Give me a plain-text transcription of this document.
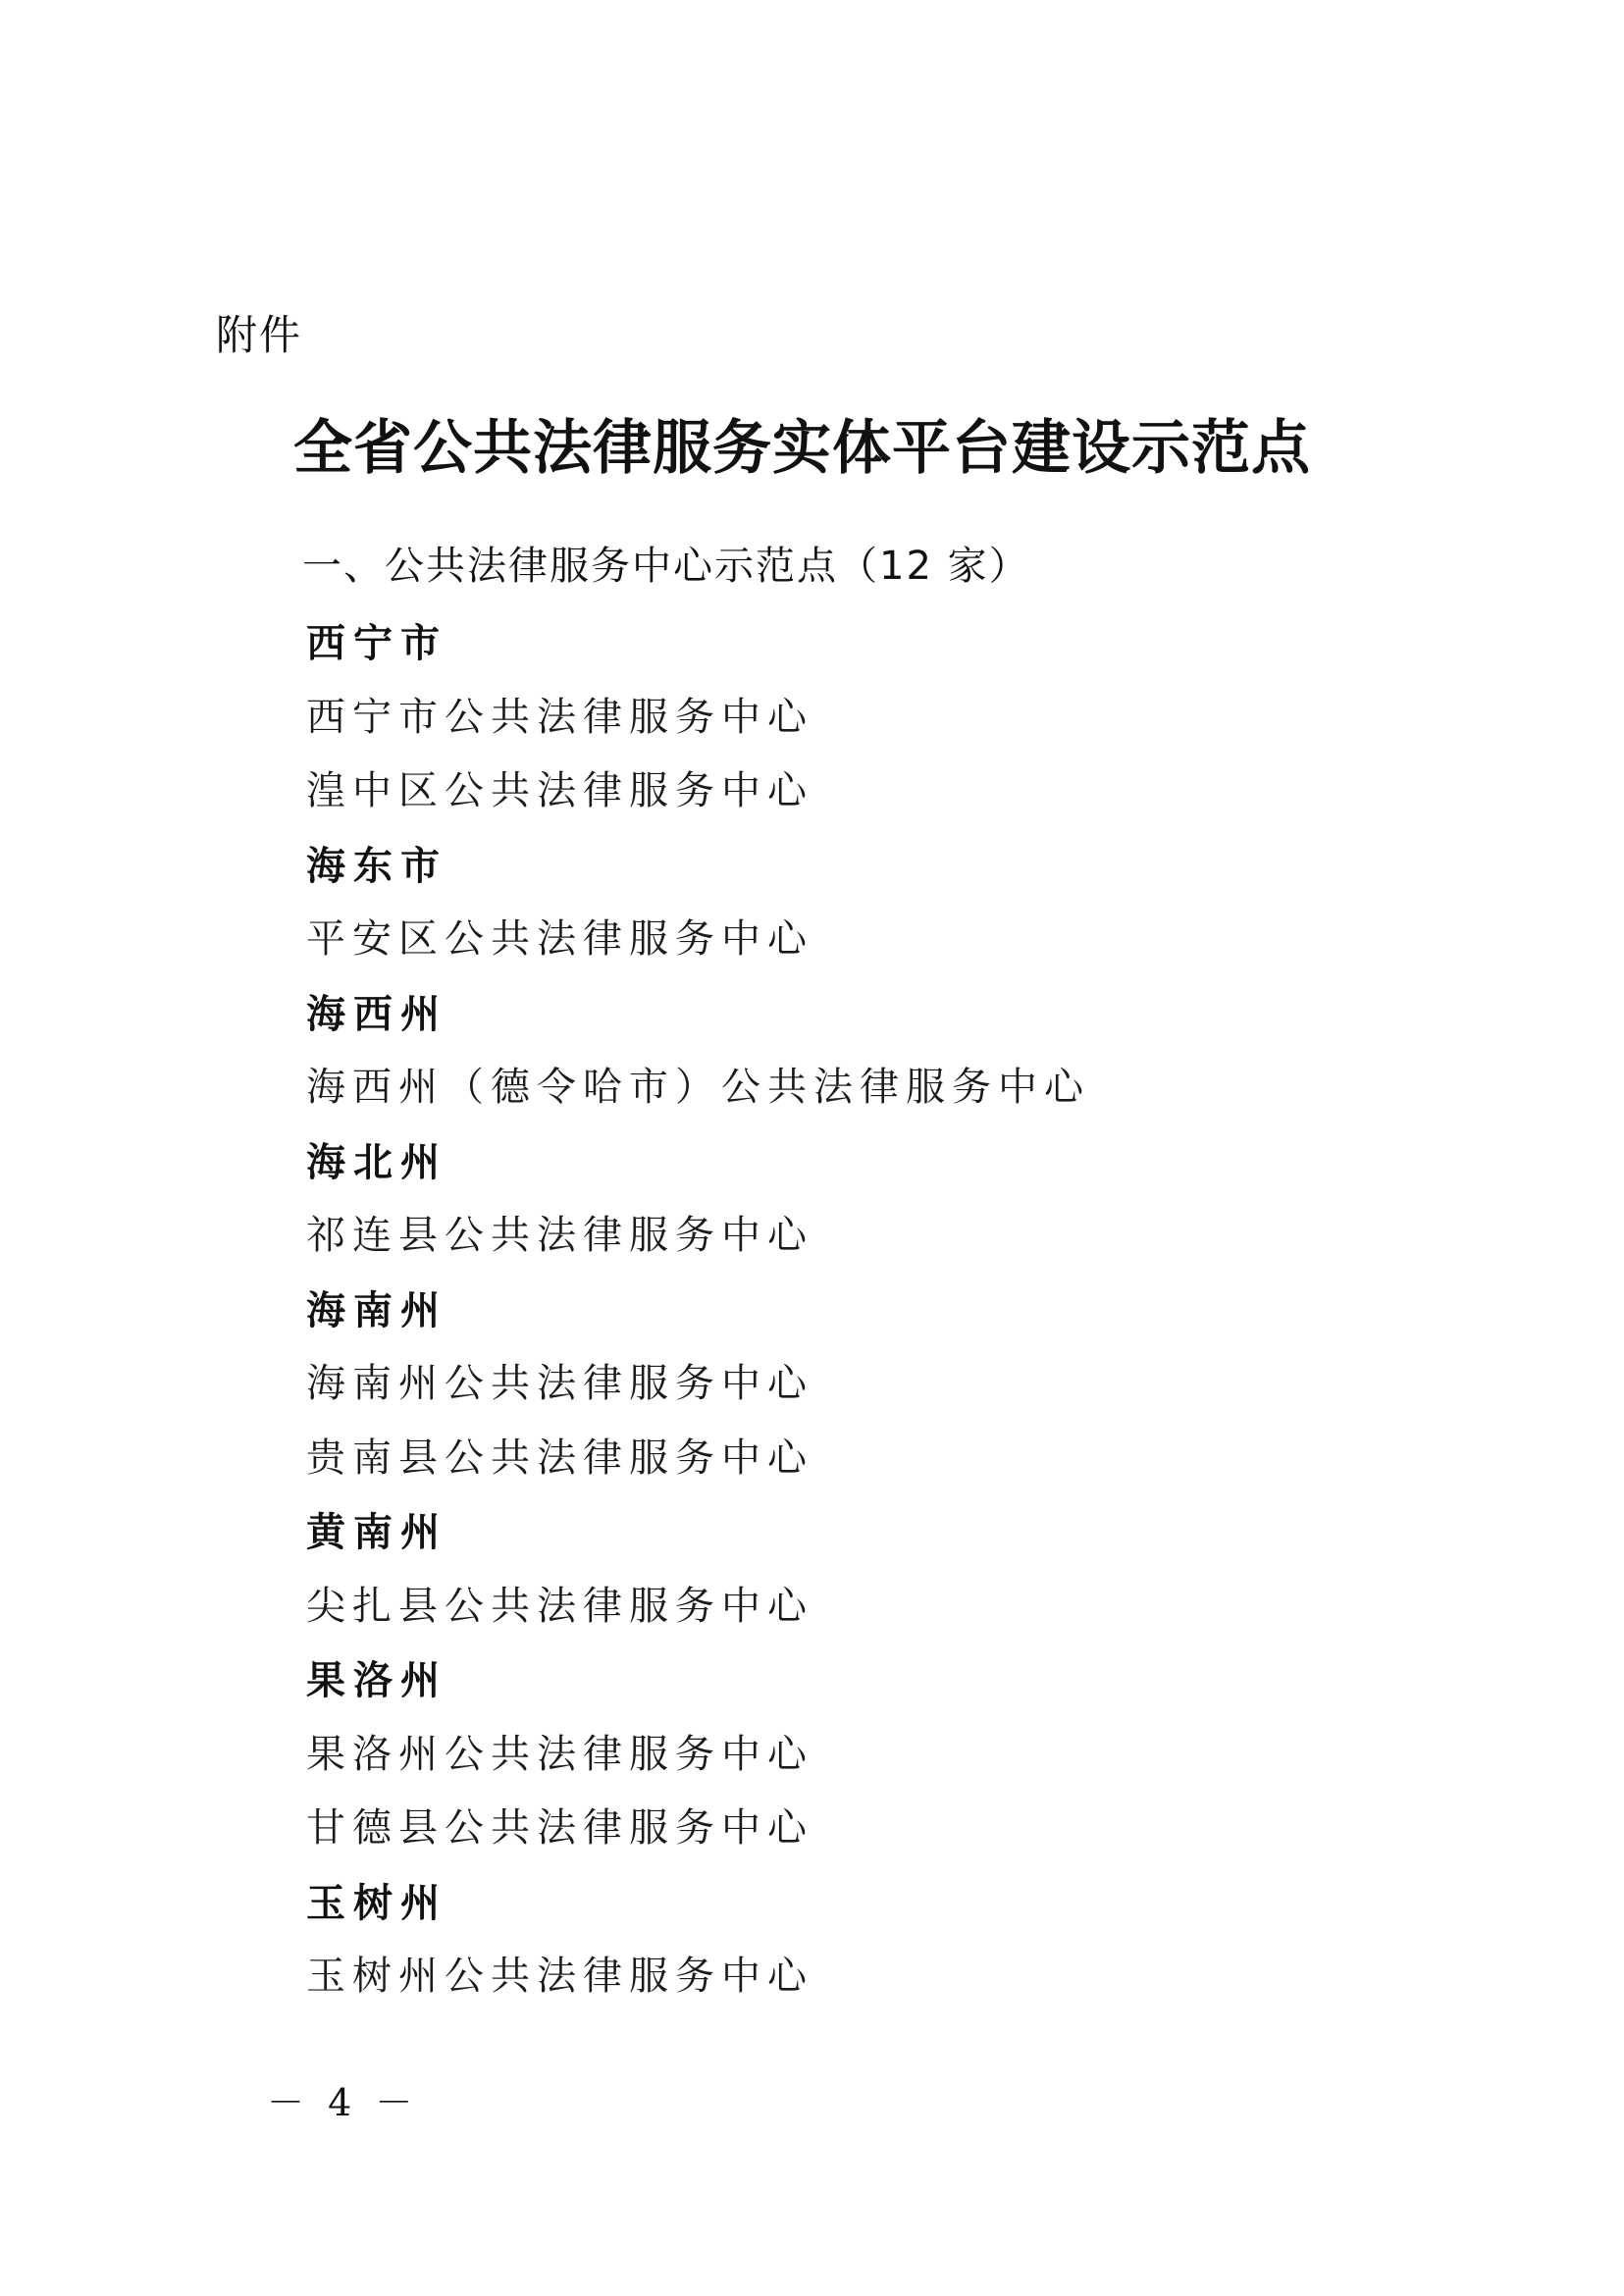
附件
全省公共法律服务实体平台建设示范点
一、公共法律服务中心示范点（12 家）
西宁市
西宁市公共法律服务中心
湟中区公共法律服务中心
海东市
平安区公共法律服务中心
海西州
海西州（德令哈市）公共法律服务中心
海北州
祁连县公共法律服务中心
海南州
海南州公共法律服务中心
贵南县公共法律服务中心
黄南州
尖扎县公共法律服务中心
果洛州
果洛州公共法律服务中心
甘德县公共法律服务中心
玉树州
玉树州公共法律服务中心
－ 4 －
